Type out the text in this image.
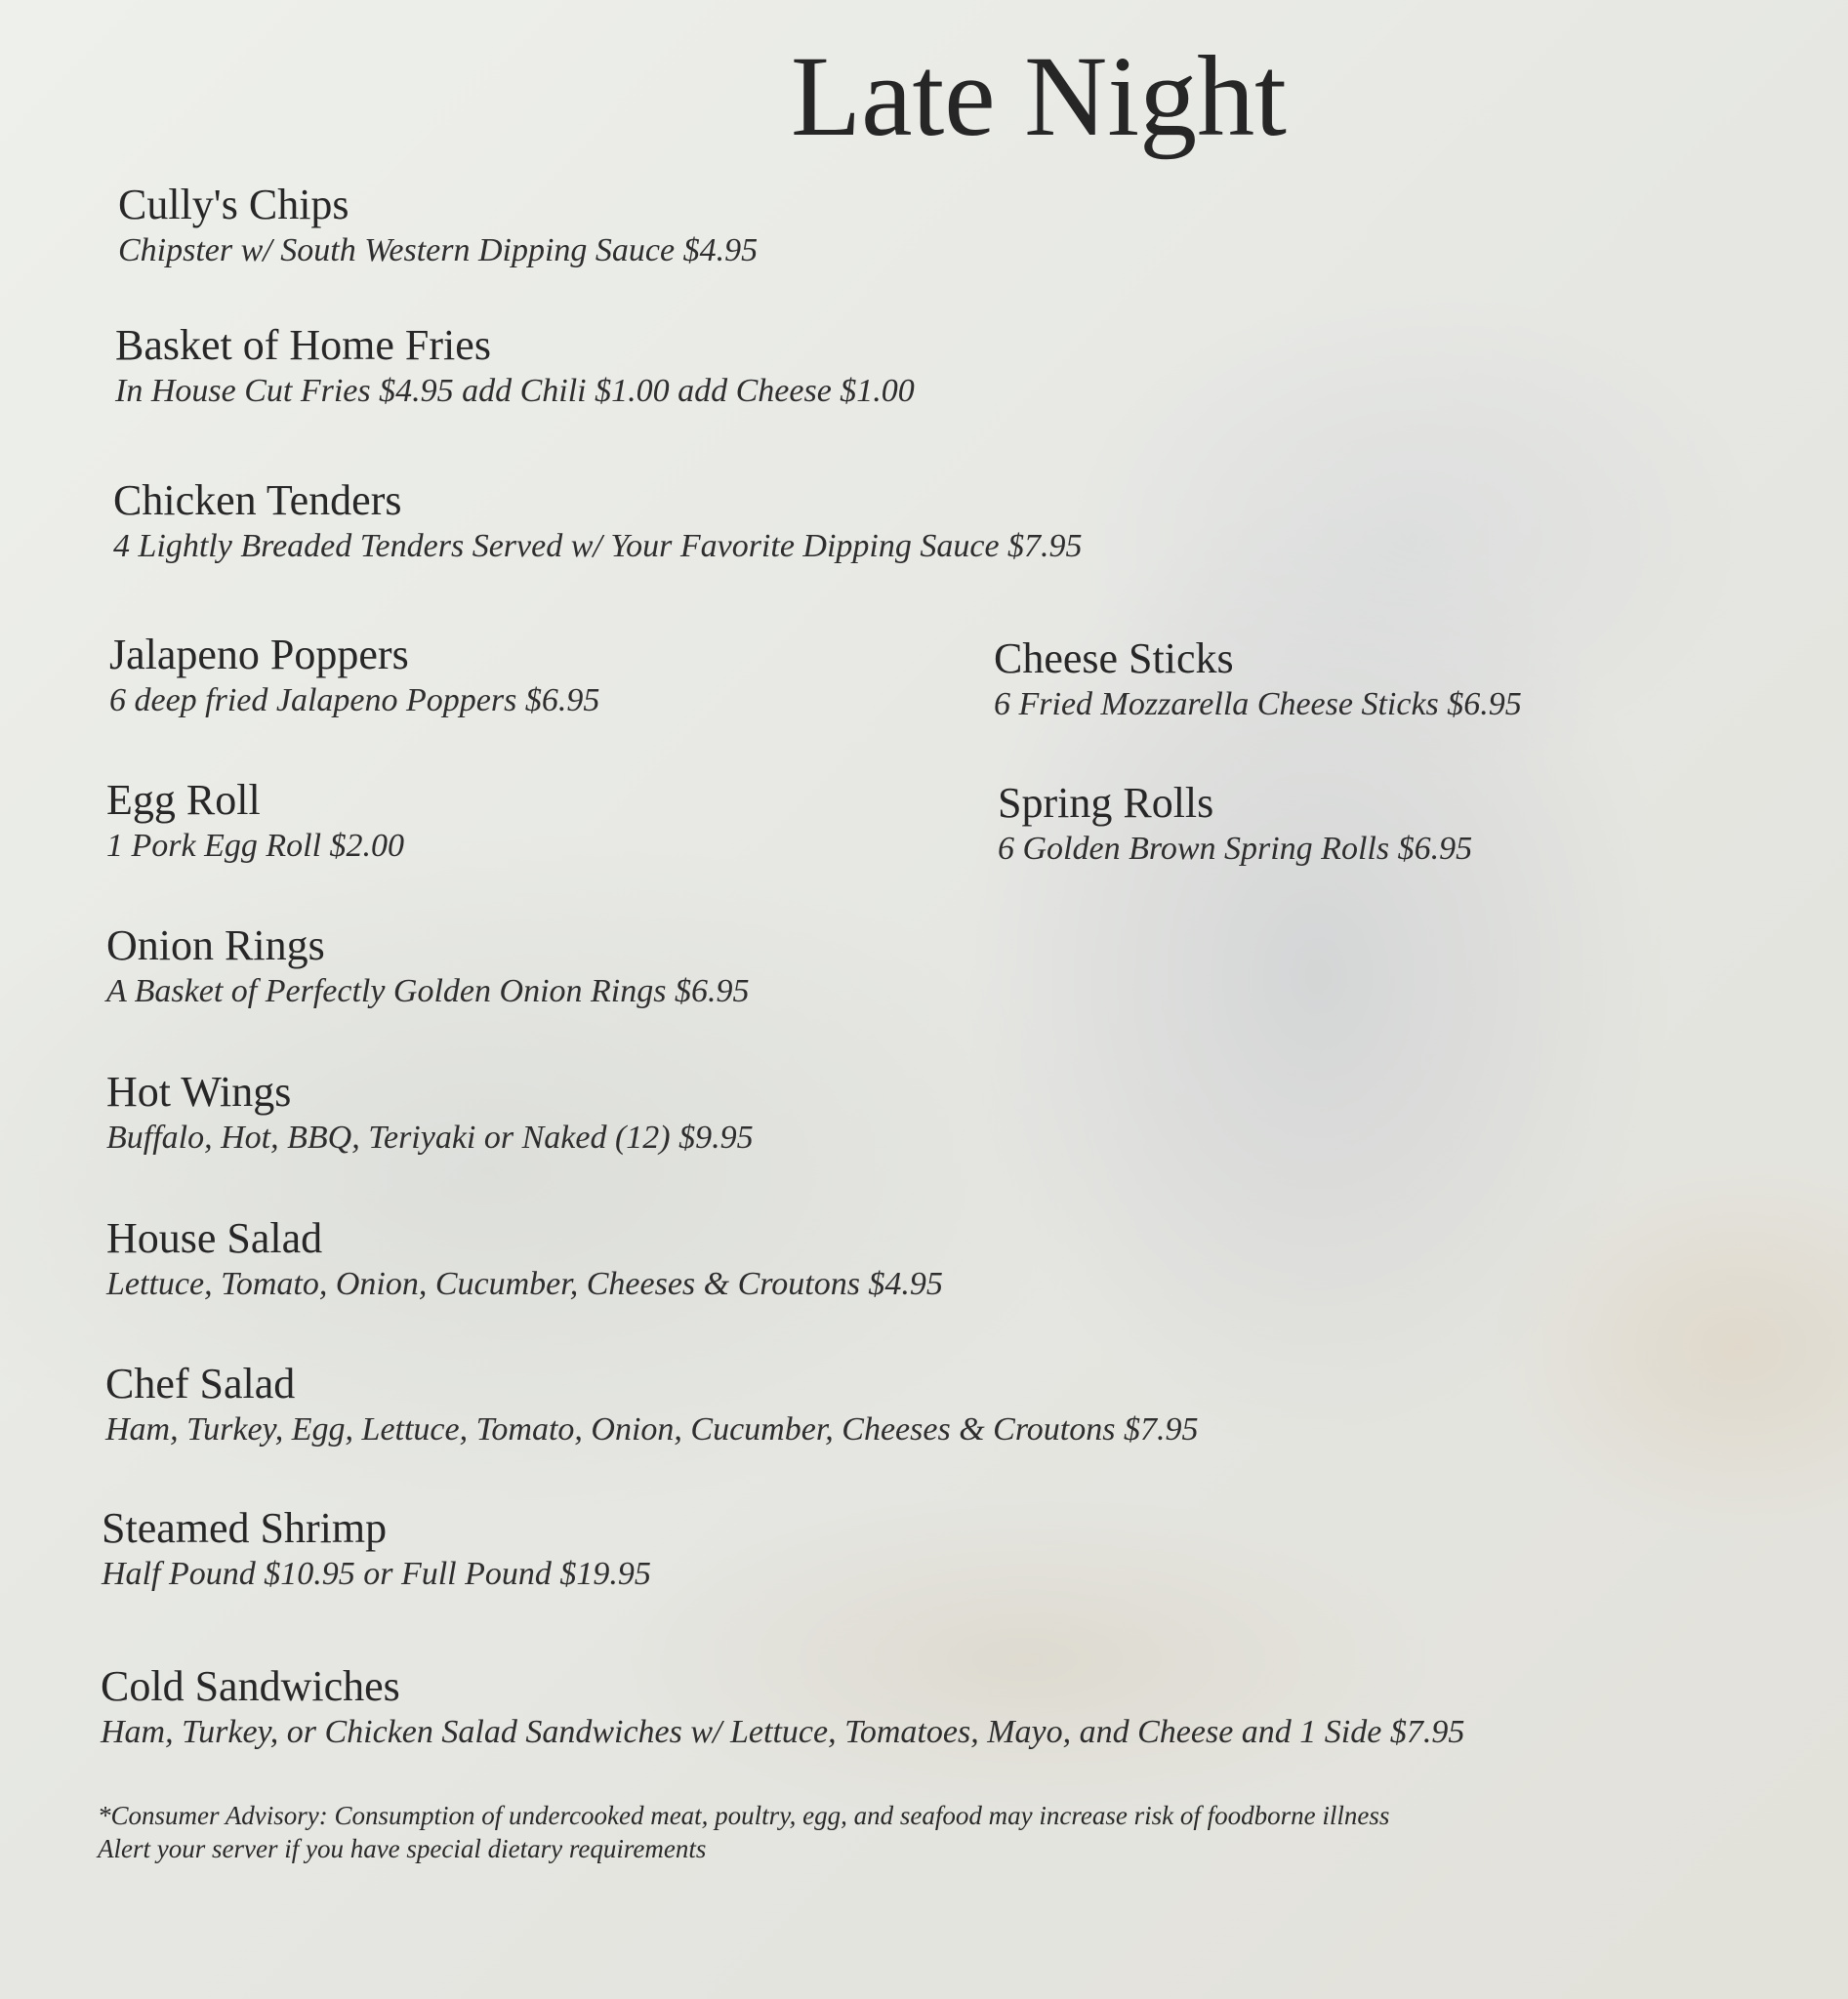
Late Night
Cully's Chips
Chipster w/ South Western Dipping Sauce $4.95
Basket of Home Fries
In House Cut Fries $4.95 add Chili $1.00 add Cheese $1.00
Chicken Tenders
4 Lightly Breaded Tenders Served w/ Your Favorite Dipping Sauce $7.95
Jalapeno Poppers
6 deep fried Jalapeno Poppers $6.95
Egg Roll
1 Pork Egg Roll $2.00
Onion Rings
A Basket of Perfectly Golden Onion Rings $6.95
Hot Wings
Buffalo, Hot, BBQ, Teriyaki or Naked (12) $9.95
House Salad
Lettuce, Tomato, Onion, Cucumber, Cheeses & Croutons $4.95
Chef Salad
Ham, Turkey, Egg, Lettuce, Tomato, Onion, Cucumber, Cheeses & Croutons $7.95
Steamed Shrimp
Half Pound $10.95 or Full Pound $19.95
Cold Sandwiches
Ham, Turkey, or Chicken Salad Sandwiches w/ Lettuce, Tomatoes, Mayo, and Cheese and 1 Side $7.95
Cheese Sticks
6 Fried Mozzarella Cheese Sticks $6.95
Spring Rolls
6 Golden Brown Spring Rolls $6.95
*Consumer Advisory: Consumption of undercooked meat, poultry, egg, and seafood may increase risk of foodborne illness
Alert your server if you have special dietary requirements
